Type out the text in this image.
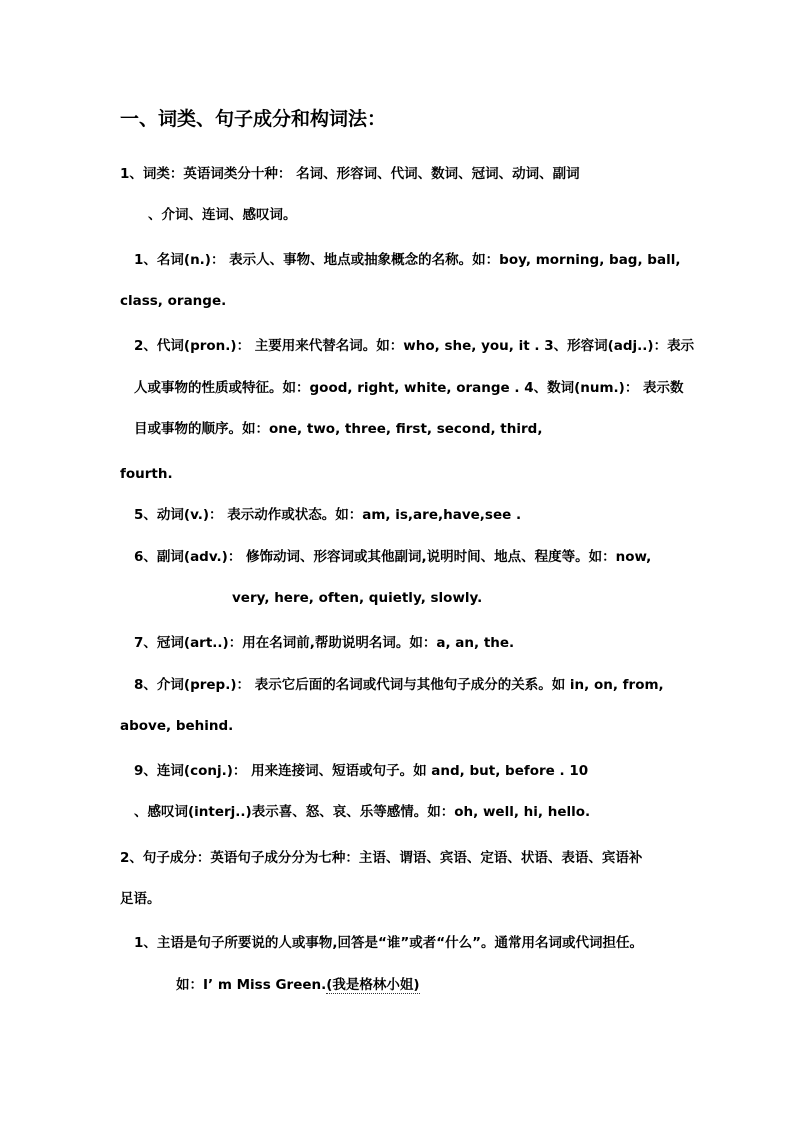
一、词类、句子成分和构词法：
1、词类：英语词类分十种： 名词、形容词、代词、数词、冠词、动词、副词
、介词、连词、感叹词。
1、名词(n.)： 表示人、事物、地点或抽象概念的名称。如：boy, morning, bag, ball,
class, orange.
2、代词(pron.)： 主要用来代替名词。如：who, she, you, it . 3、形容词(adj..)：表示
人或事物的性质或特征。如：good, right, white, orange . 4、数词(num.)： 表示数
目或事物的顺序。如：one, two, three, first, second, third,
fourth.
5、动词(v.)： 表示动作或状态。如：am, is,are,have,see .
6、副词(adv.)： 修饰动词、形容词或其他副词,说明时间、地点、程度等。如：now,
very, here, often, quietly, slowly.
7、冠词(art..)：用在名词前,帮助说明名词。如：a, an, the.
8、介词(prep.)： 表示它后面的名词或代词与其他句子成分的关系。如 in, on, from,
above, behind.
9、连词(conj.)： 用来连接词、短语或句子。如 and, but, before . 10
、感叹词(interj..)表示喜、怒、哀、乐等感情。如：oh, well, hi, hello.
2、句子成分：英语句子成分分为七种：主语、谓语、宾语、定语、状语、表语、宾语补
足语。
1、主语是句子所要说的人或事物,回答是“谁”或者“什么”。通常用名词或代词担任。
如：I’ m Miss Green.(我是格林小姐)
